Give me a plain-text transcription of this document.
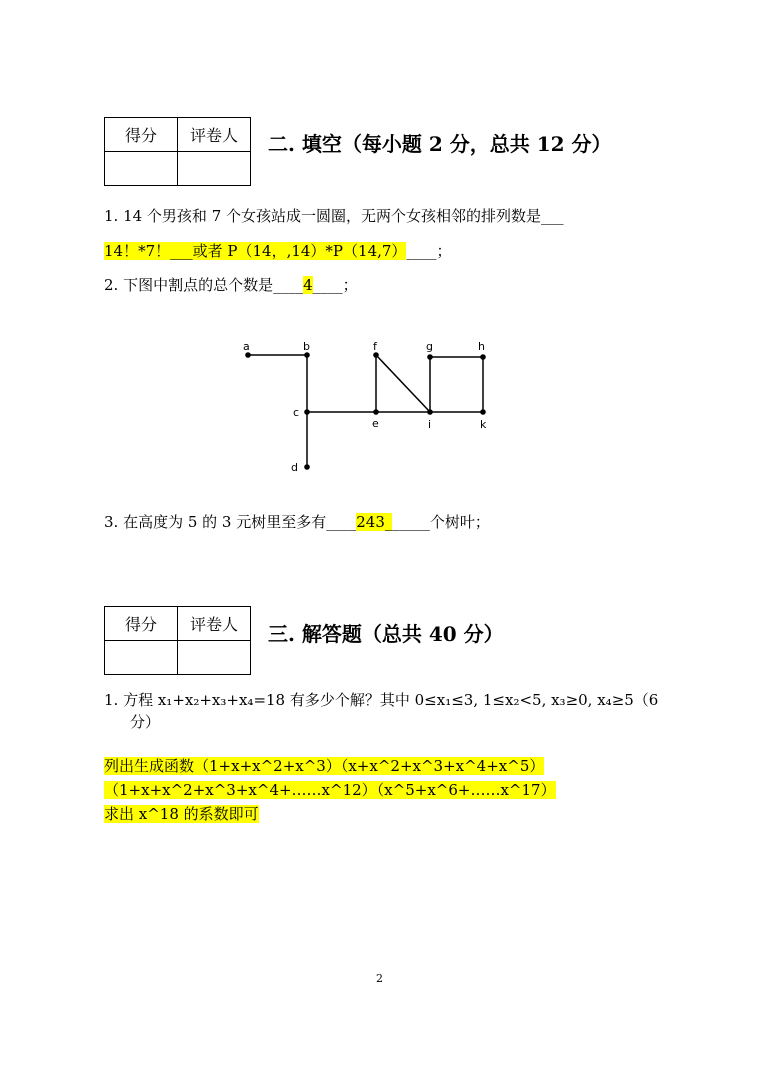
得分	评卷人
	二. 填空（每小题 2 分，总共 12 分）
1. 14 个男孩和 7 个女孩站成一圆圈，无两个女孩相邻的排列数是___
14！*7！___或者 P（14，,14）*P（14,7）____；
2. 下图中割点的总个数是____4____；
a	b
c
d
e
f	g	h
i	k
3. 在高度为 5 的 3 元树里至多有____243______个树叶；
得分	评卷人
	三. 解答题（总共 40 分）
1. 方程 x₁+x₂+x₃+x₄=18 有多少个解？其中 0≤x₁≤3, 1≤x₂<5, x₃≥0, x₄≥5（6
分）
列出生成函数（1+x+x^2+x^3）（x+x^2+x^3+x^4+x^5）
（1+x+x^2+x^3+x^4+……x^12）（x^5+x^6+……x^17）
求出 x^18 的系数即可
2
